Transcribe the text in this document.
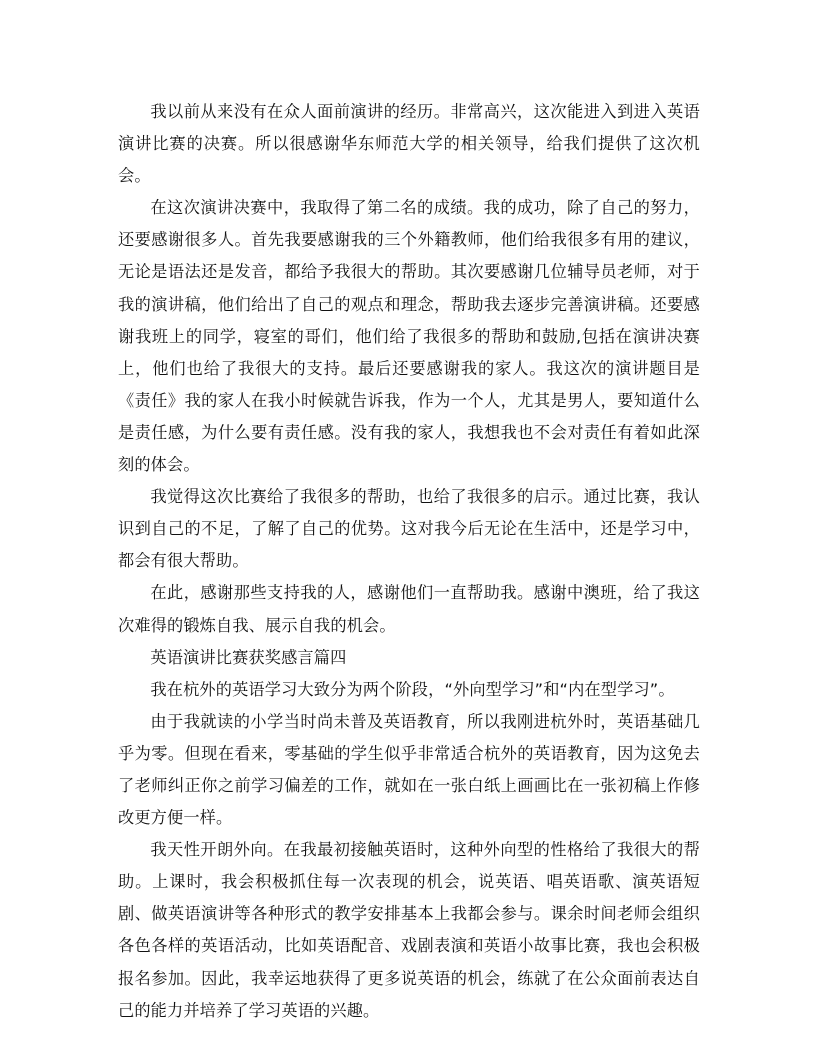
我以前从来没有在众人面前演讲的经历。非常高兴，这次能进入到进入英语演讲比赛的决赛。所以很感谢华东师范大学的相关领导，给我们提供了这次机会。

在这次演讲决赛中，我取得了第二名的成绩。我的成功，除了自己的努力，还要感谢很多人。首先我要感谢我的三个外籍教师，他们给我很多有用的建议，无论是语法还是发音，都给予我很大的帮助。其次要感谢几位辅导员老师，对于我的演讲稿，他们给出了自己的观点和理念，帮助我去逐步完善演讲稿。还要感谢我班上的同学，寝室的哥们，他们给了我很多的帮助和鼓励,包括在演讲决赛上，他们也给了我很大的支持。最后还要感谢我的家人。我这次的演讲题目是《责任》我的家人在我小时候就告诉我，作为一个人，尤其是男人，要知道什么是责任感，为什么要有责任感。没有我的家人，我想我也不会对责任有着如此深刻的体会。

我觉得这次比赛给了我很多的帮助，也给了我很多的启示。通过比赛，我认识到自己的不足，了解了自己的优势。这对我今后无论在生活中，还是学习中，都会有很大帮助。

在此，感谢那些支持我的人，感谢他们一直帮助我。感谢中澳班，给了我这次难得的锻炼自我、展示自我的机会。

英语演讲比赛获奖感言篇四

我在杭外的英语学习大致分为两个阶段，“外向型学习”和“内在型学习”。

由于我就读的小学当时尚未普及英语教育，所以我刚进杭外时，英语基础几乎为零。但现在看来，零基础的学生似乎非常适合杭外的英语教育，因为这免去了老师纠正你之前学习偏差的工作，就如在一张白纸上画画比在一张初稿上作修改更方便一样。

我天性开朗外向。在我最初接触英语时，这种外向型的性格给了我很大的帮助。上课时，我会积极抓住每一次表现的机会，说英语、唱英语歌、演英语短剧、做英语演讲等各种形式的教学安排基本上我都会参与。课余时间老师会组织各色各样的英语活动，比如英语配音、戏剧表演和英语小故事比赛，我也会积极报名参加。因此，我幸运地获得了更多说英语的机会，练就了在公众面前表达自己的能力并培养了学习英语的兴趣。
